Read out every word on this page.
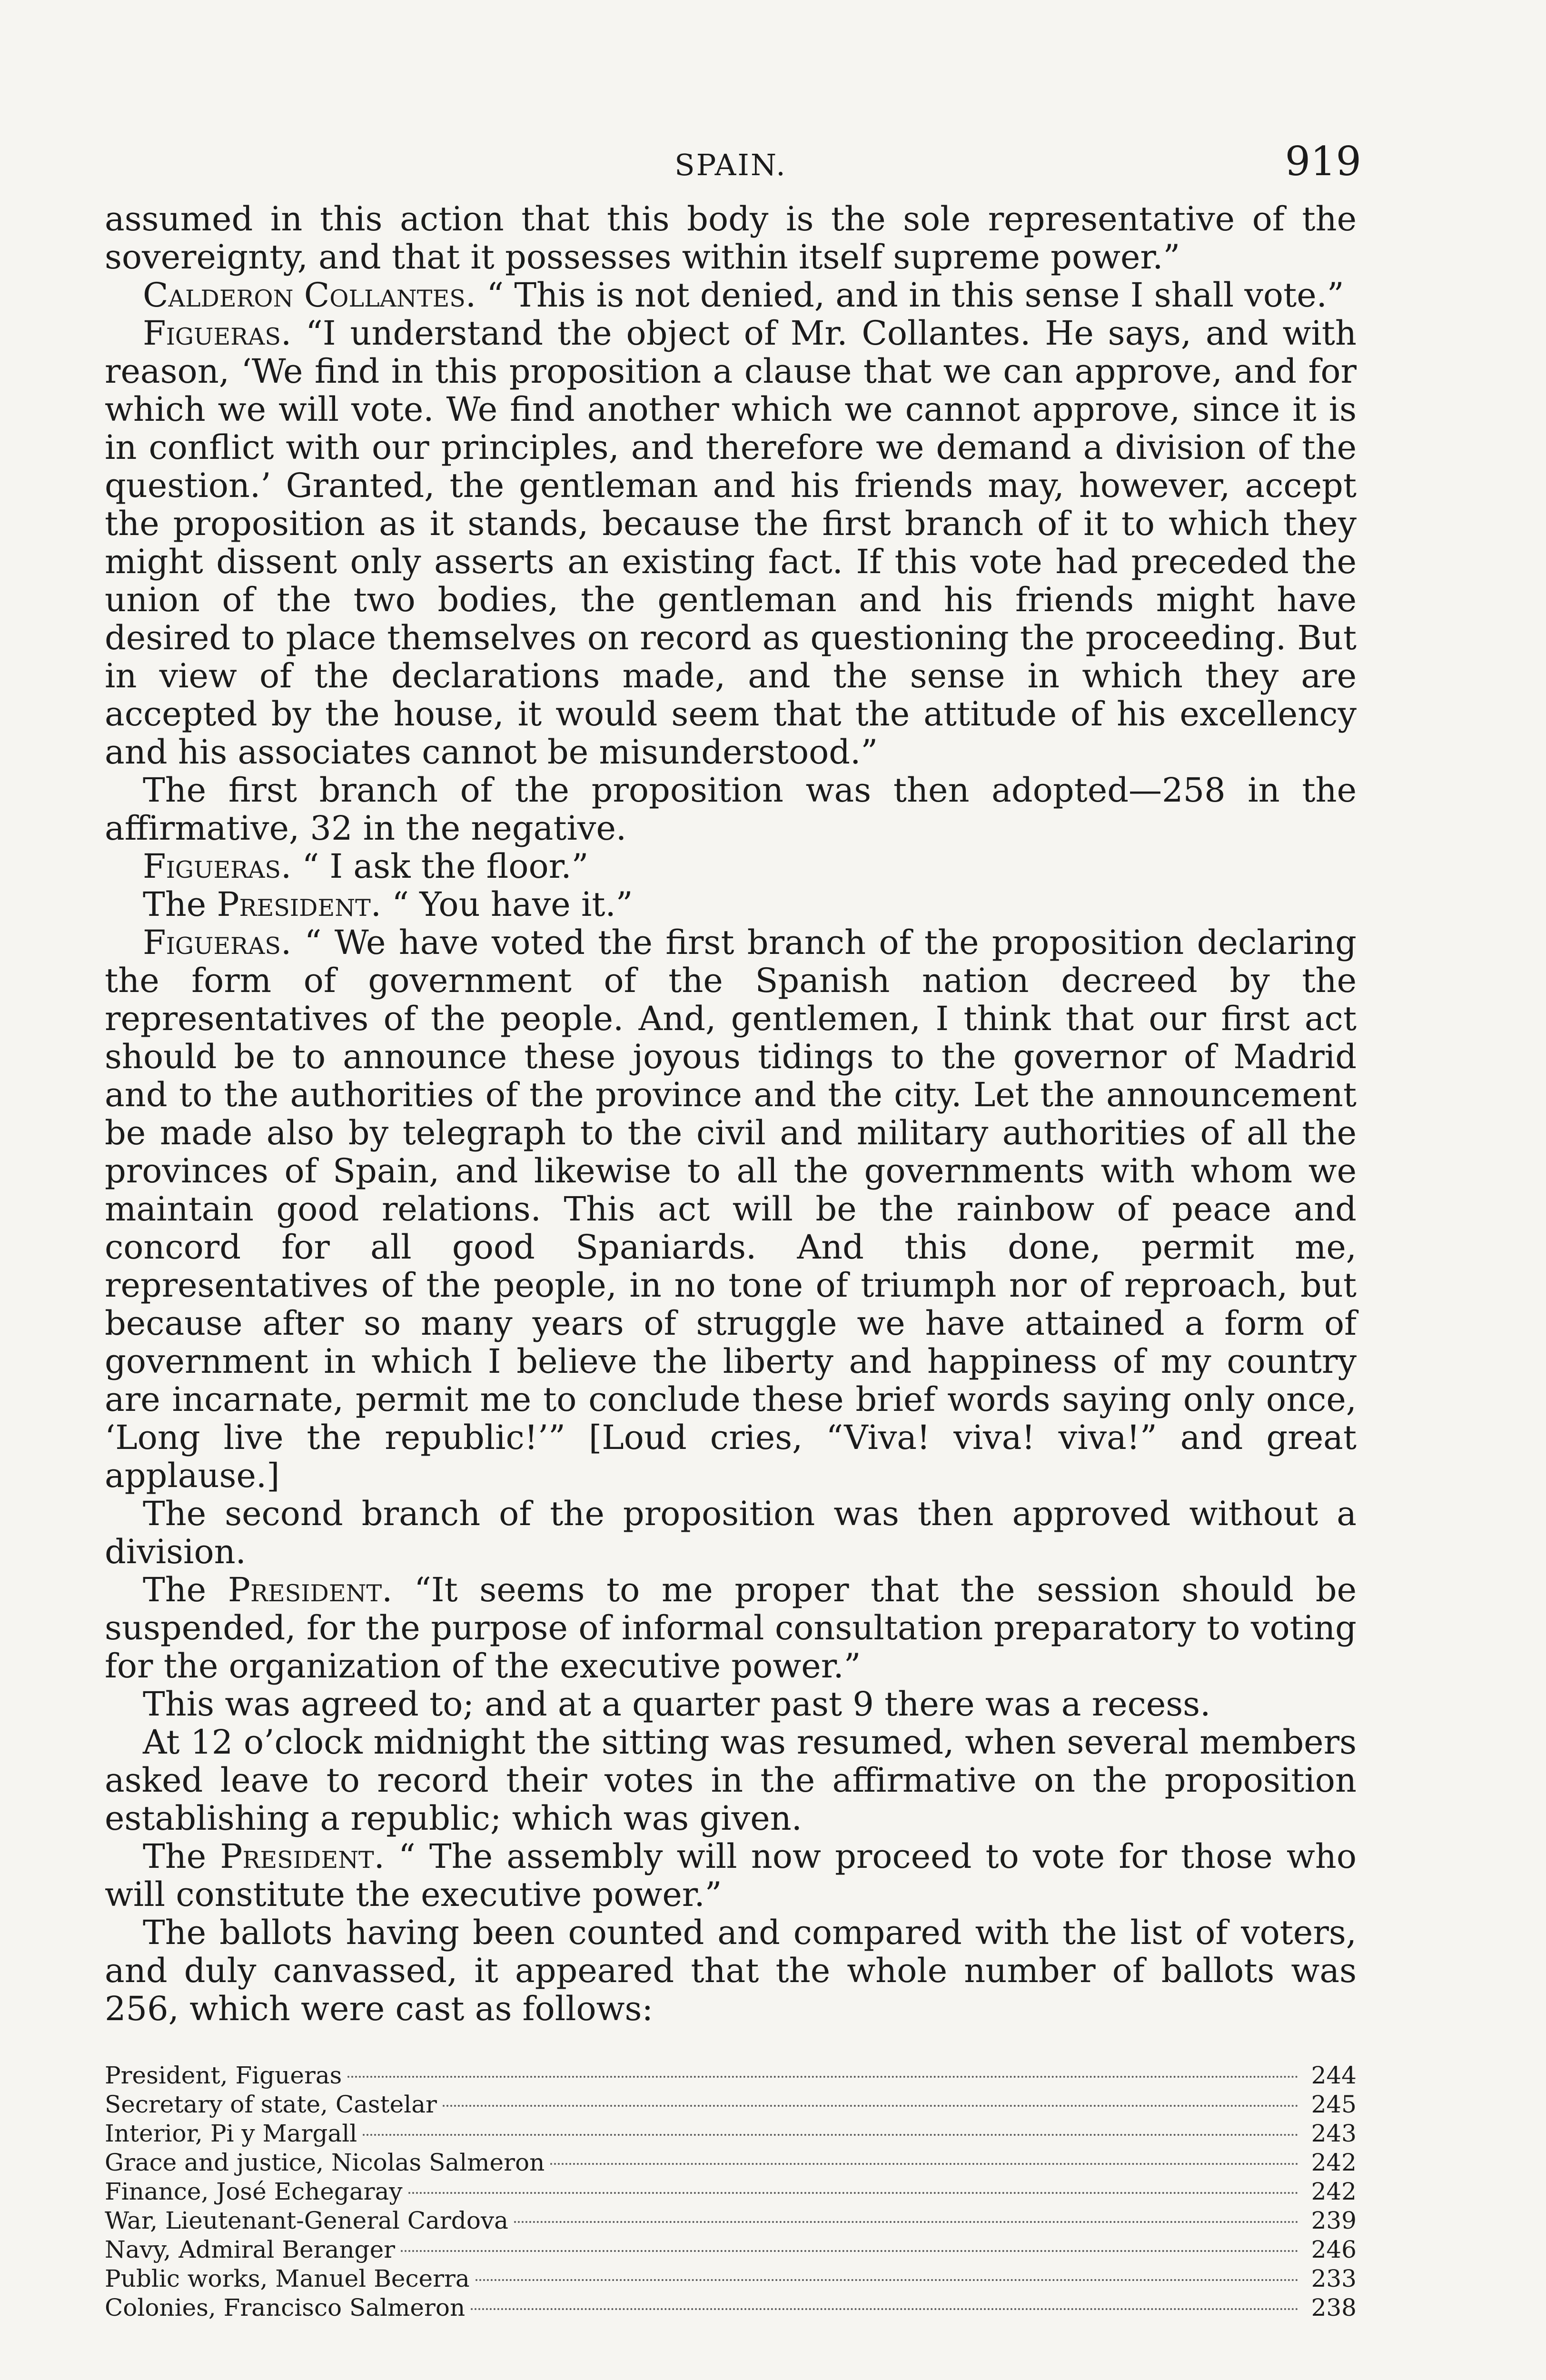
SPAIN.	919

assumed in this action that this body is the sole representative of the sovereignty, and that it possesses within itself supreme power.”

Calderon Collantes. “ This is not denied, and in this sense I shall vote.”

Figueras. “I understand the object of Mr. Collantes. He says, and with reason, ‘We find in this proposition a clause that we can approve, and for which we will vote. We find another which we cannot approve, since it is in conflict with our principles, and therefore we demand a division of the question.’ Granted, the gentleman and his friends may, however, accept the proposition as it stands, because the first branch of it to which they might dissent only asserts an existing fact. If this vote had preceded the union of the two bodies, the gentleman and his friends might have desired to place themselves on record as questioning the proceeding. But in view of the declarations made, and the sense in which they are accepted by the house, it would seem that the attitude of his excellency and his associates cannot be misunderstood.”

The first branch of the proposition was then adopted—258 in the affirmative, 32 in the negative.

Figueras. “ I ask the floor.”

The President. “ You have it.”

Figueras. “ We have voted the first branch of the proposition declaring the form of government of the Spanish nation decreed by the representatives of the people. And, gentlemen, I think that our first act should be to announce these joyous tidings to the governor of Madrid and to the authorities of the province and the city. Let the announcement be made also by telegraph to the civil and military authorities of all the provinces of Spain, and likewise to all the governments with whom we maintain good relations. This act will be the rainbow of peace and concord for all good Spaniards. And this done, permit me, representatives of the people, in no tone of triumph nor of reproach, but because after so many years of struggle we have attained a form of government in which I believe the liberty and happiness of my country are incarnate, permit me to conclude these brief words saying only once, ‘Long live the republic!’” [Loud cries, “Viva! viva! viva!” and great applause.]

The second branch of the proposition was then approved without a division.

The President. “It seems to me proper that the session should be suspended, for the purpose of informal consultation preparatory to voting for the organization of the executive power.”

This was agreed to; and at a quarter past 9 there was a recess.

At 12 o’clock midnight the sitting was resumed, when several members asked leave to record their votes in the affirmative on the proposition establishing a republic; which was given.

The President. “ The assembly will now proceed to vote for those who will constitute the executive power.”

The ballots having been counted and compared with the list of voters, and duly canvassed, it appeared that the whole number of ballots was 256, which were cast as follows:

President, Figueras	244
Secretary of state, Castelar	245
Interior, Pi y Margall	243
Grace and justice, Nicolas Salmeron	242
Finance, José Echegaray	242
War, Lieutenant-General Cardova	239
Navy, Admiral Beranger	246
Public works, Manuel Becerra	233
Colonies, Francisco Salmeron	238
